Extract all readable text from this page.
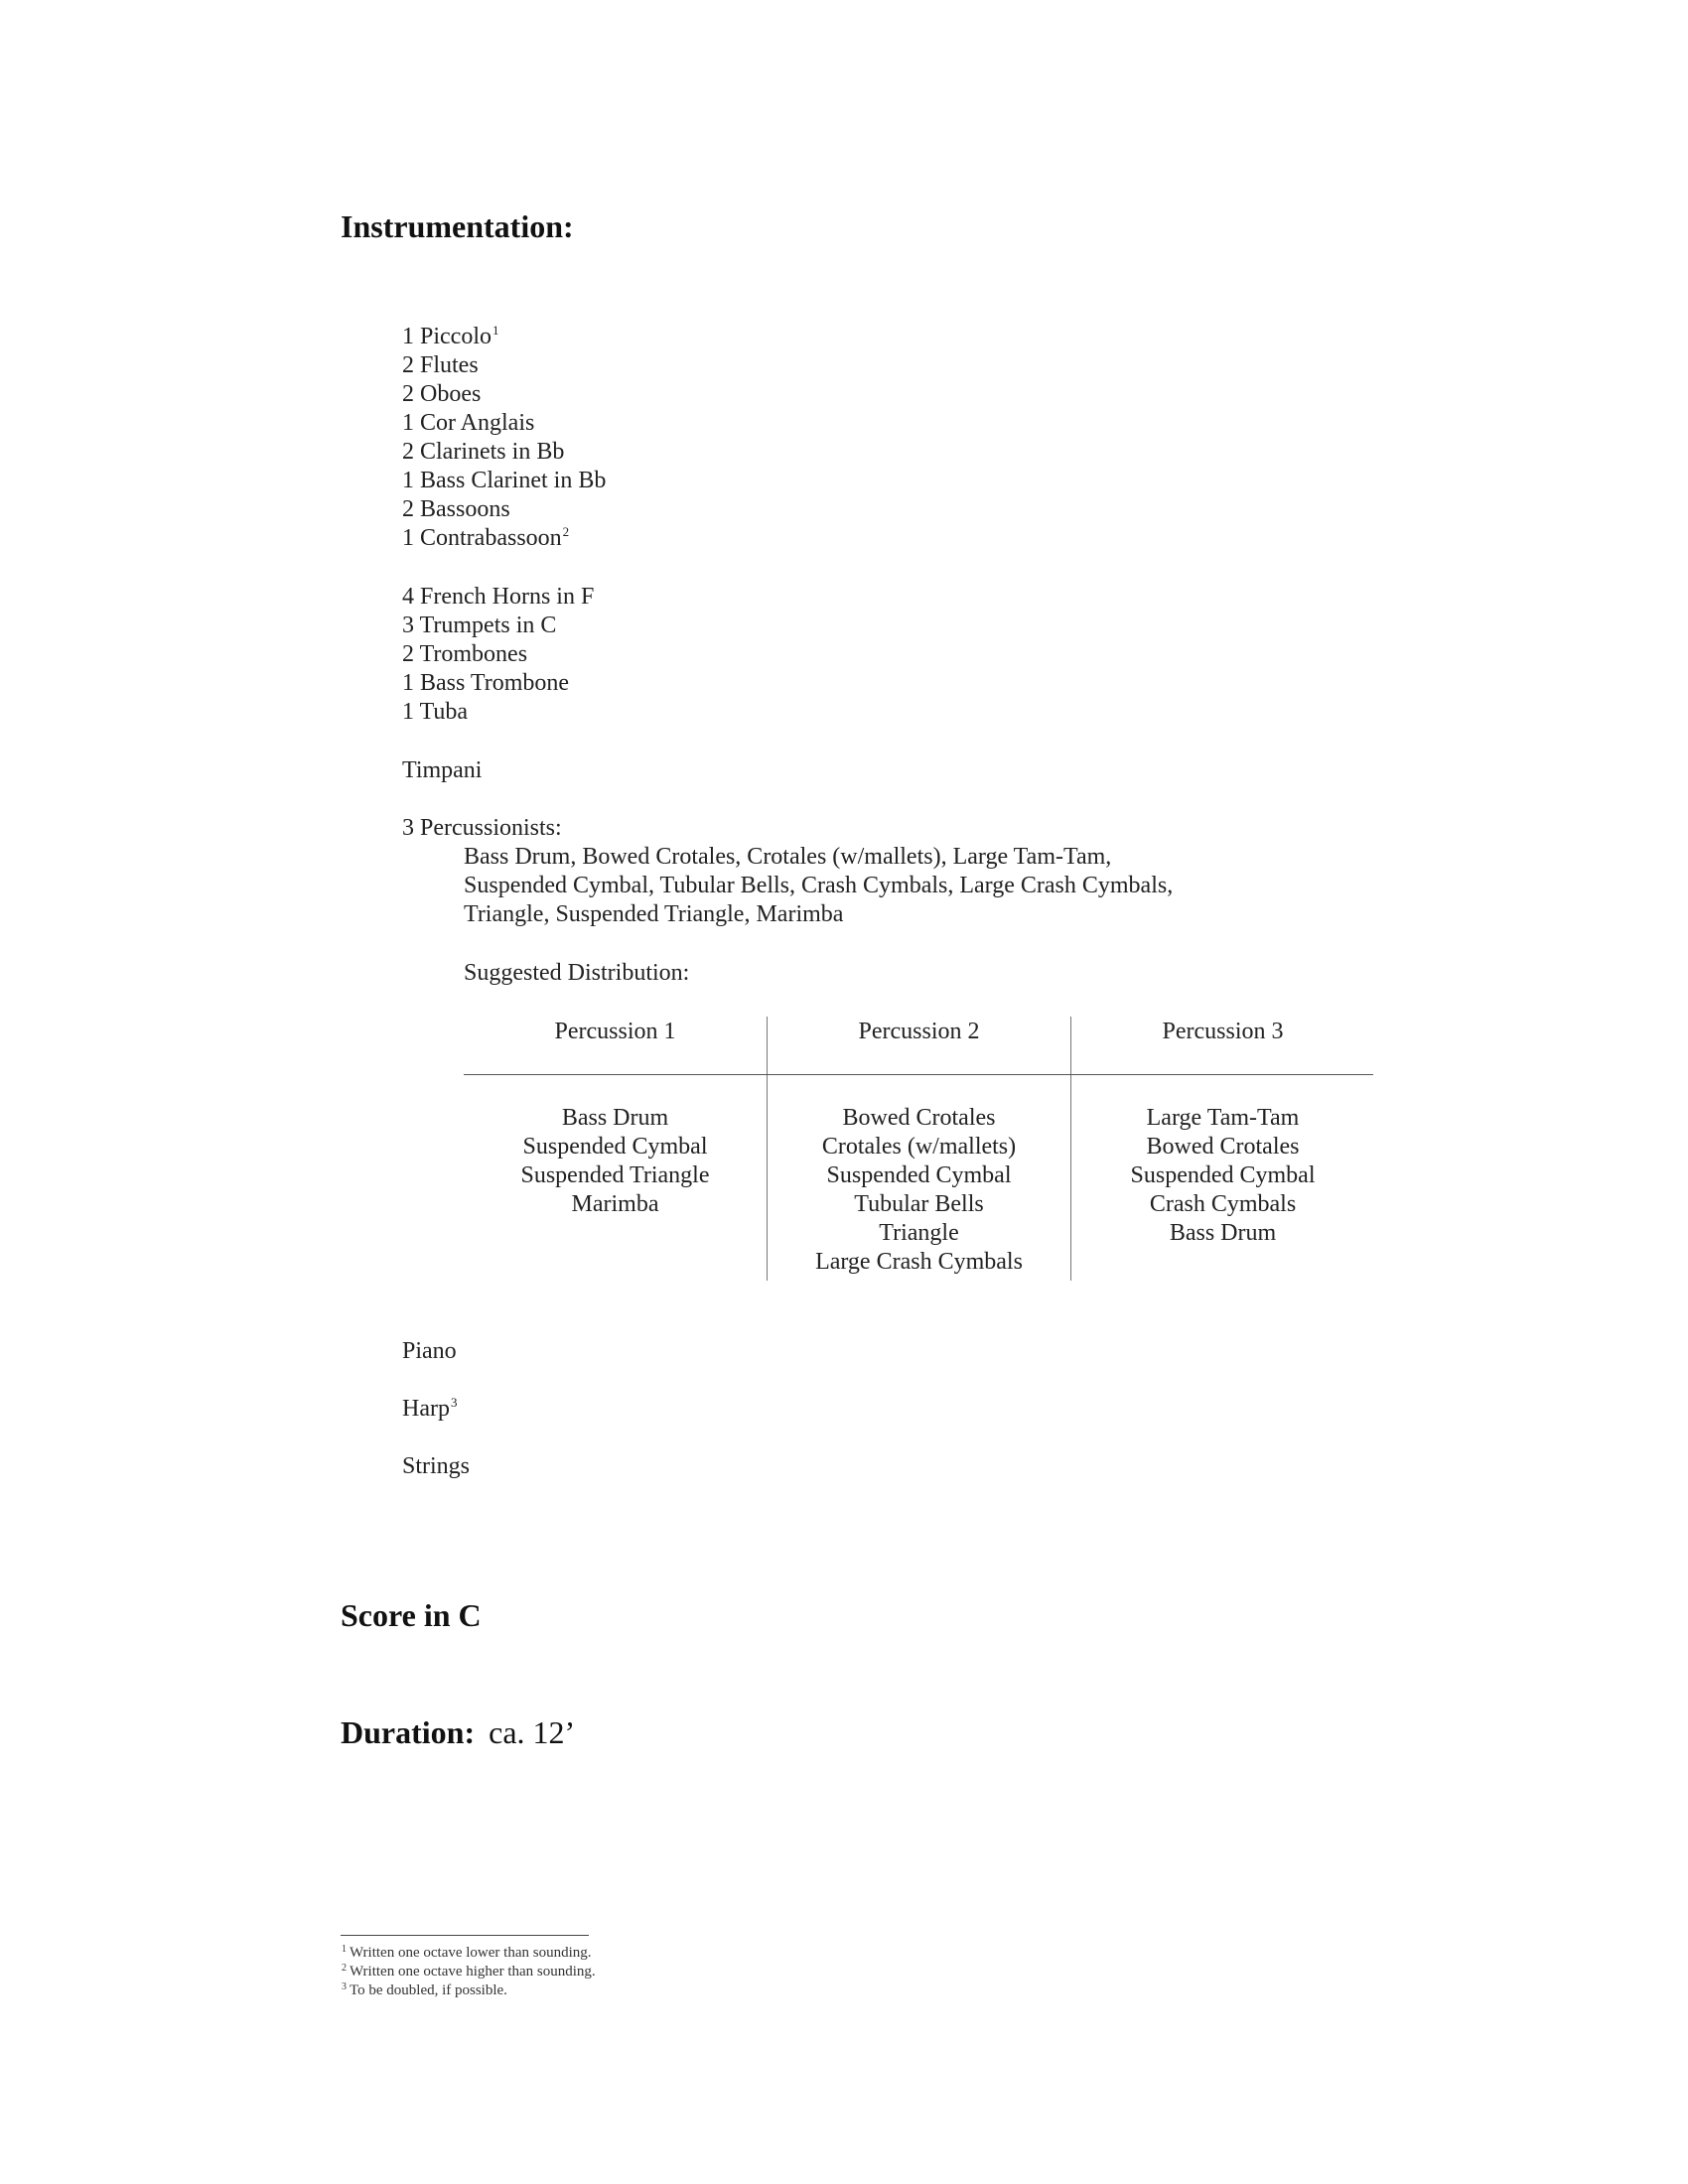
Instrumentation:
1 Piccolo$^1$
2 Flutes
2 Oboes
1 Cor Anglais
2 Clarinets in Bb
1 Bass Clarinet in Bb
2 Bassoons
1 Contrabassoon$^2$
4 French Horns in F
3 Trumpets in C
2 Trombones
1 Bass Trombone
1 Tuba
Timpani
3 Percussionists:
Bass Drum, Bowed Crotales, Crotales (w/mallets), Large Tam-Tam,
Suspended Cymbal, Tubular Bells, Crash Cymbals, Large Crash Cymbals,
Triangle, Suspended Triangle, Marimba
Suggested Distribution:
Percussion 1
Bass Drum
Suspended Cymbal
Suspended Triangle
Marimba
Percussion 2
Bowed Crotales
Crotales (w/mallets)
Suspended Cymbal
Tubular Bells
Triangle
Large Crash Cymbals
Percussion 3
Large Tam-Tam
Bowed Crotales
Suspended Cymbal
Crash Cymbals
Bass Drum
Piano
Harp$^3$
Strings
Score in C
Duration: ca. 12’
$^1$ Written one octave lower than sounding.
$^2$ Written one octave higher than sounding.
$^3$ To be doubled, if possible.
